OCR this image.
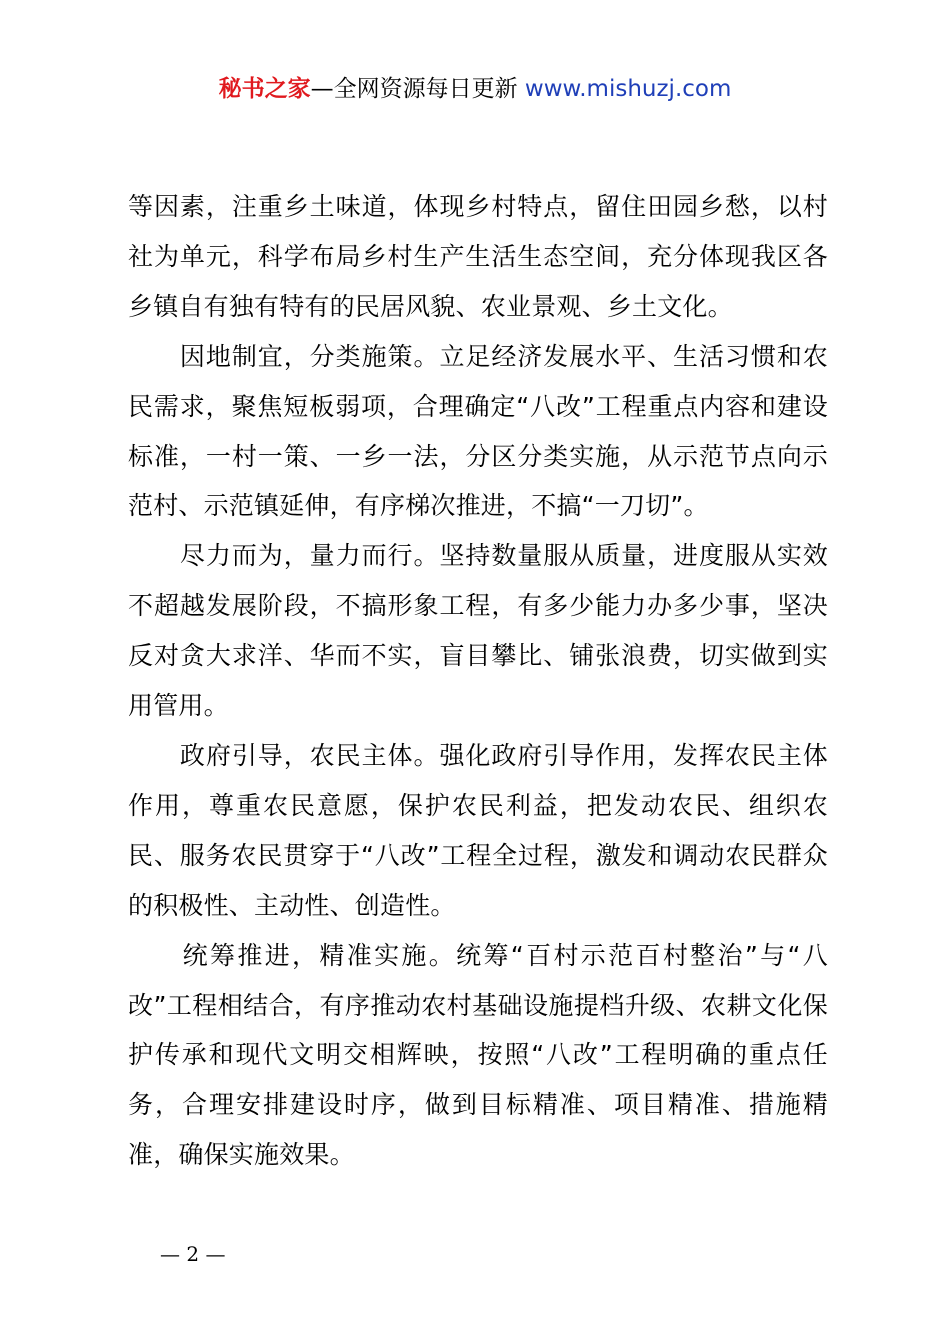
秘书之家—全网资源每日更新 www.mishuzj.com

等因素，注重乡土味道，体现乡村特点，留住田园乡愁，以村社为单元，科学布局乡村生产生活生态空间，充分体现我区各乡镇自有独有特有的民居风貌、农业景观、乡土文化。

　　因地制宜，分类施策。立足经济发展水平、生活习惯和农民需求，聚焦短板弱项，合理确定“八改”工程重点内容和建设标准，一村一策、一乡一法，分区分类实施，从示范节点向示范村、示范镇延伸，有序梯次推进，不搞“一刀切”。

　　尽力而为，量力而行。坚持数量服从质量，进度服从实效不超越发展阶段，不搞形象工程，有多少能力办多少事，坚决反对贪大求洋、华而不实，盲目攀比、铺张浪费，切实做到实用管用。

　　政府引导，农民主体。强化政府引导作用，发挥农民主体作用，尊重农民意愿，保护农民利益，把发动农民、组织农民、服务农民贯穿于“八改”工程全过程，激发和调动农民群众的积极性、主动性、创造性。

　　统筹推进，精准实施。统筹“百村示范百村整治”与“八改”工程相结合，有序推动农村基础设施提档升级、农耕文化保护传承和现代文明交相辉映，按照“八改”工程明确的重点任务，合理安排建设时序，做到目标精准、项目精准、措施精准，确保实施效果。

— 2 —
